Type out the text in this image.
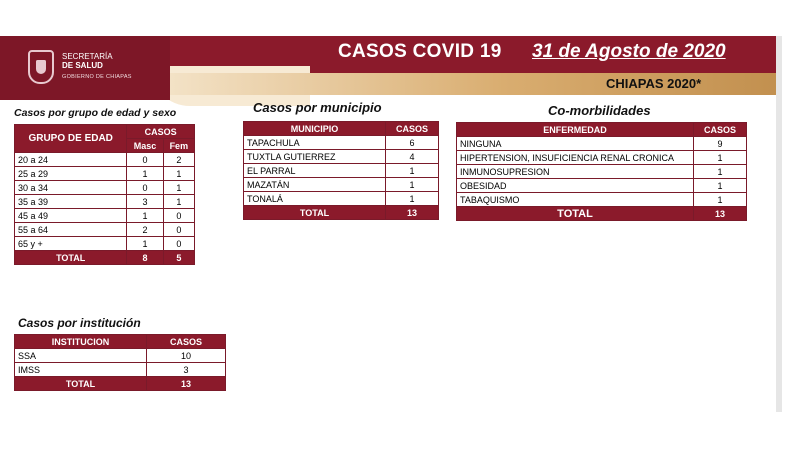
SECRETARÍA
DE SALUD
GOBIERNO DE CHIAPAS
CASOS COVID 19 31 de Agosto de 2020
CHIAPAS 2020*
Casos por grupo de edad y sexo
GRUPO DE EDAD	CASOS	
	Masc	Fem
20 a 24	0	2
25 a 29	1	1
30 a 34	0	1
35 a 39	3	1
45 a 49	1	0
55 a 64	2	0
65 y +	1	0
TOTAL	8	5
Casos por municipio
MUNICIPIO	CASOS
TAPACHULA	6
TUXTLA GUTIERREZ	4
EL PARRAL	1
MAZATÁN	1
TONALÁ	1
TOTAL	13
Co-morbilidades
ENFERMEDAD	CASOS
NINGUNA	9
HIPERTENSION, INSUFICIENCIA RENAL CRONICA	1
INMUNOSUPRESION	1
OBESIDAD	1
TABAQUISMO	1
TOTAL	13
Casos por institución
INSTITUCION	CASOS
SSA	10
IMSS	3
TOTAL	13
